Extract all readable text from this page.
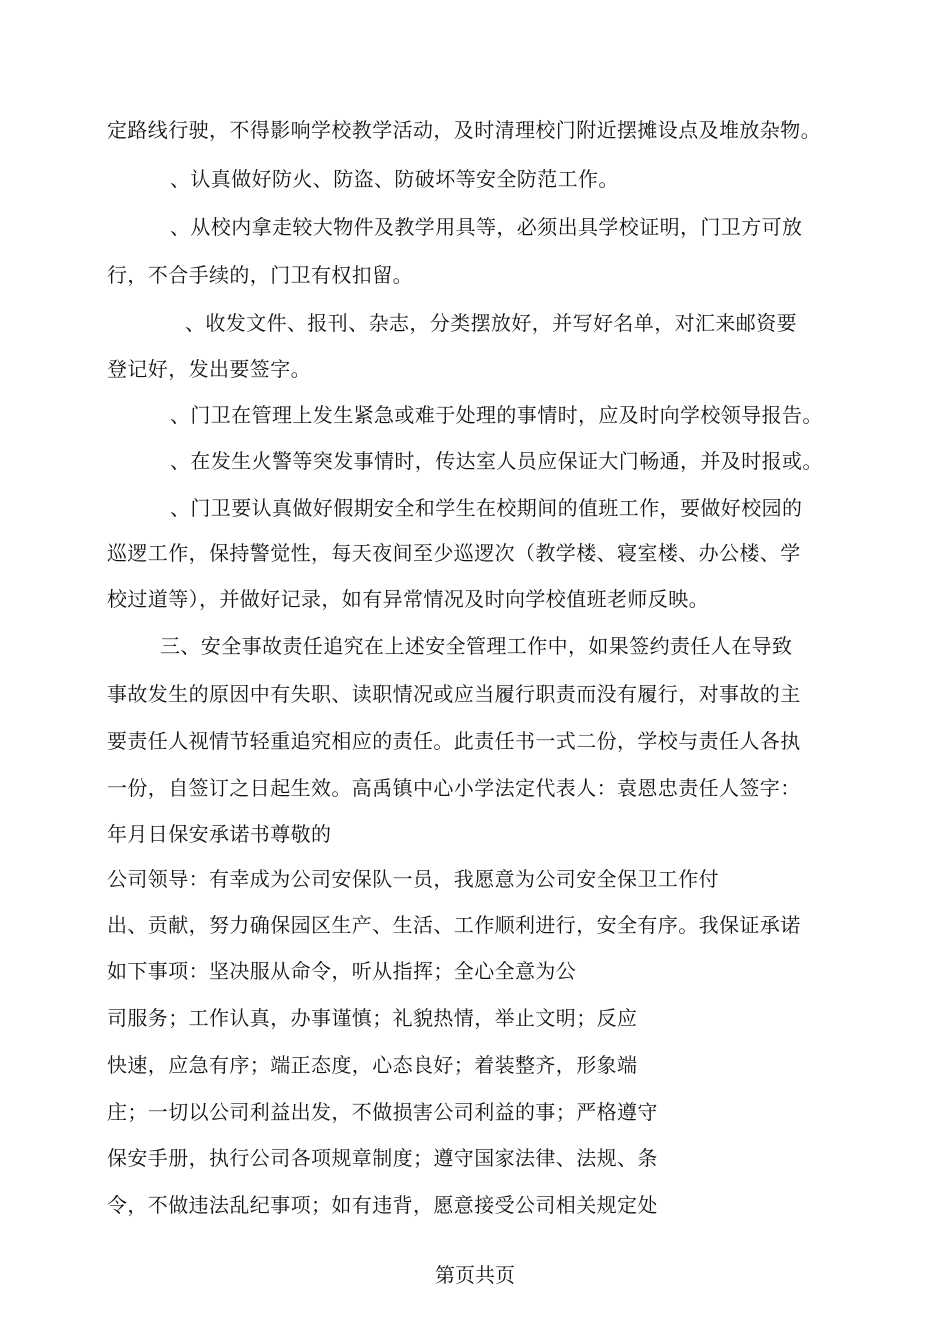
定路线行驶，不得影响学校教学活动，及时清理校门附近摆摊设点及堆放杂物。
、认真做好防火、防盗、防破坏等安全防范工作。
、从校内拿走较大物件及教学用具等，必须出具学校证明，门卫方可放
行，不合手续的，门卫有权扣留。
、收发文件、报刊、杂志，分类摆放好，并写好名单，对汇来邮资要
登记好，发出要签字。
、门卫在管理上发生紧急或难于处理的事情时，应及时向学校领导报告。
、在发生火警等突发事情时，传达室人员应保证大门畅通，并及时报或。
、门卫要认真做好假期安全和学生在校期间的值班工作，要做好校园的
巡逻工作，保持警觉性，每天夜间至少巡逻次（教学楼、寝室楼、办公楼、学
校过道等），并做好记录，如有异常情况及时向学校值班老师反映。
三、安全事故责任追究在上述安全管理工作中，如果签约责任人在导致
事故发生的原因中有失职、读职情况或应当履行职责而没有履行，对事故的主
要责任人视情节轻重追究相应的责任。此责任书一式二份，学校与责任人各执
一份，自签订之日起生效。高禹镇中心小学法定代表人：袁恩忠责任人签字：
年月日保安承诺书尊敬的
公司领导：有幸成为公司安保队一员，我愿意为公司安全保卫工作付
出、贡献，努力确保园区生产、生活、工作顺利进行，安全有序。我保证承诺
如下事项：坚决服从命令，听从指挥；全心全意为公
司服务；工作认真，办事谨慎；礼貌热情，举止文明；反应
快速，应急有序；端正态度，心态良好；着装整齐，形象端
庄；一切以公司利益出发，不做损害公司利益的事；严格遵守
保安手册，执行公司各项规章制度；遵守国家法律、法规、条
令，不做违法乱纪事项；如有违背，愿意接受公司相关规定处
第页共页
